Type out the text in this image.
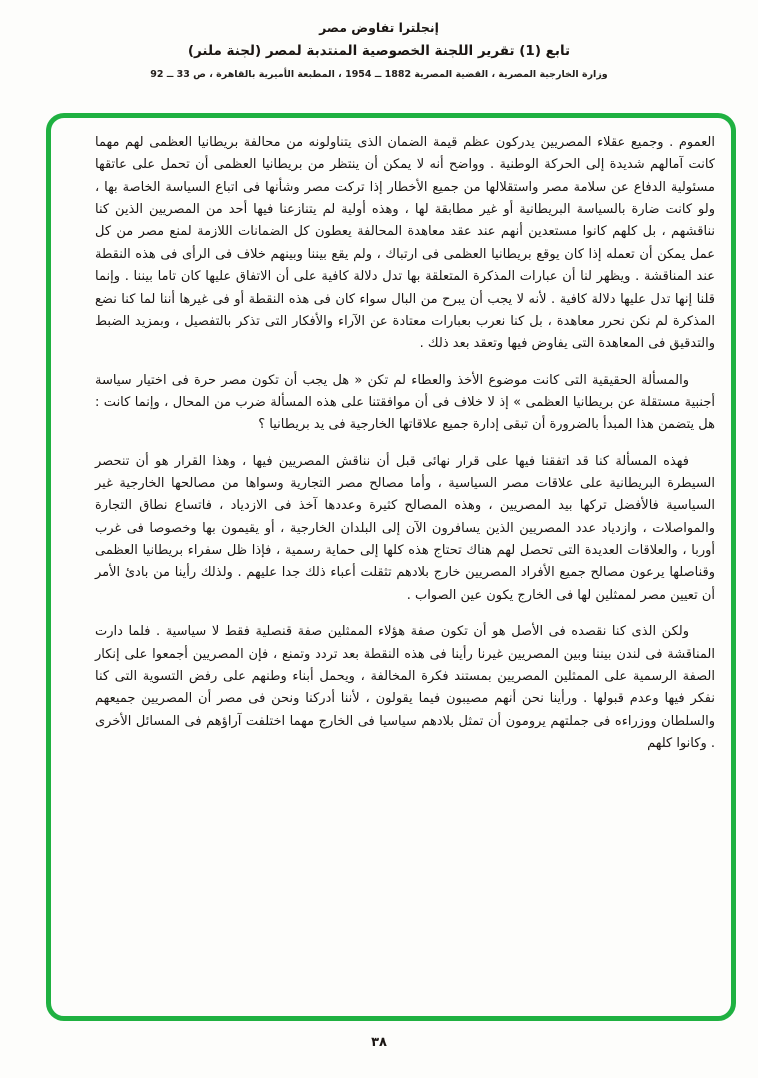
إنجلترا تفاوض مصر
تابع (1) تقرير اللجنة الخصوصية المنتدبة لمصر (لجنة ملنر)
وزارة الخارجية المصرية ، القضية المصرية 1882 ــ 1954 ، المطبعة الأميرية بالقاهرة ، ص 33 ــ 92

العموم . وجميع عقلاء المصريين يدركون عظم قيمة الضمان الذى يتناولونه من محالفة بريطانيا العظمى لهم مهما كانت آمالهم شديدة إلى الحركة الوطنية . وواضح أنه لا يمكن أن ينتظر من بريطانيا العظمى أن تحمل على عاتقها مسئولية الدفاع عن سلامة مصر واستقلالها من جميع الأخطار إذا تركت مصر وشأنها فى اتباع السياسة الخاصة بها ، ولو كانت ضارة بالسياسة البريطانية أو غير مطابقة لها ، وهذه أولية لم يتنازعنا فيها أحد من المصريين الذين كنا نناقشهم ، بل كلهم كانوا مستعدين أنهم عند عقد معاهدة المحالفة يعطون كل الضمانات اللازمة لمنع مصر من كل عمل يمكن أن تعمله إذا كان يوقع بريطانيا العظمى فى ارتباك ، ولم يقع بيننا وبينهم خلاف فى الرأى فى هذه النقطة عند المناقشة . ويظهر لنا أن عبارات المذكرة المتعلقة بها تدل دلالة كافية على أن الاتفاق عليها كان تاما بيننا . وإنما قلنا إنها تدل عليها دلالة كافية . لأنه لا يجب أن يبرح من البال سواء كان فى هذه النقطة أو فى غيرها أننا لما كنا نضع المذكرة لم نكن نحرر معاهدة ، بل كنا نعرب بعبارات معتادة عن الآراء والأفكار التى تذكر بالتفصيل ، وبمزيد الضبط والتدقيق فى المعاهدة التى يفاوض فيها وتعقد بعد ذلك .

والمسألة الحقيقية التى كانت موضوع الأخذ والعطاء لم تكن « هل يجب أن تكون مصر حرة فى اختيار سياسة أجنبية مستقلة عن بريطانيا العظمى » إذ لا خلاف فى أن موافقتنا على هذه المسألة ضرب من المحال ، وإنما كانت : هل يتضمن هذا المبدأ بالضرورة أن تبقى إدارة جميع علاقاتها الخارجية فى يد بريطانيا ؟

فهذه المسألة كنا قد اتفقنا فيها على قرار نهائى قبل أن نناقش المصريين فيها ، وهذا القرار هو أن تنحصر السيطرة البريطانية على علاقات مصر السياسية ، وأما مصالح مصر التجارية وسواها من مصالحها الخارجية غير السياسية فالأفضل تركها بيد المصريين ، وهذه المصالح كثيرة وعددها آخذ فى الازدياد ، فاتساع نطاق التجارة والمواصلات ، وازدياد عدد المصريين الذين يسافرون الآن إلى البلدان الخارجية ، أو يقيمون بها وخصوصا فى غرب أوربا ، والعلاقات العديدة التى تحصل لهم هناك تحتاج هذه كلها إلى حماية رسمية ، فإذا ظل سفراء بريطانيا العظمى وقناصلها يرعون مصالح جميع الأفراد المصريين خارج بلادهم تثقلت أعباء ذلك جدا عليهم . ولذلك رأينا من بادئ الأمر أن تعيين مصر لممثلين لها فى الخارج يكون عين الصواب .

ولكن الذى كنا نقصده فى الأصل هو أن تكون صفة هؤلاء الممثلين صفة قنصلية فقط لا سياسية . فلما دارت المناقشة فى لندن بيننا وبين المصريين غيرنا رأينا فى هذه النقطة بعد تردد وتمنع ، فإن المصريين أجمعوا على إنكار الصفة الرسمية على الممثلين المصريين بمستند فكرة المخالفة ، ويحمل أبناء وطنهم على رفض التسوية التى كنا نفكر فيها وعدم قبولها . ورأينا نحن أنهم مصيبون فيما يقولون ، لأننا أدركنا ونحن فى مصر أن المصريين جميعهم والسلطان ووزراءه فى جملتهم يرومون أن تمثل بلادهم سياسيا فى الخارج مهما اختلفت آراؤهم فى المسائل الأخرى . وكانوا كلهم

٣٨
